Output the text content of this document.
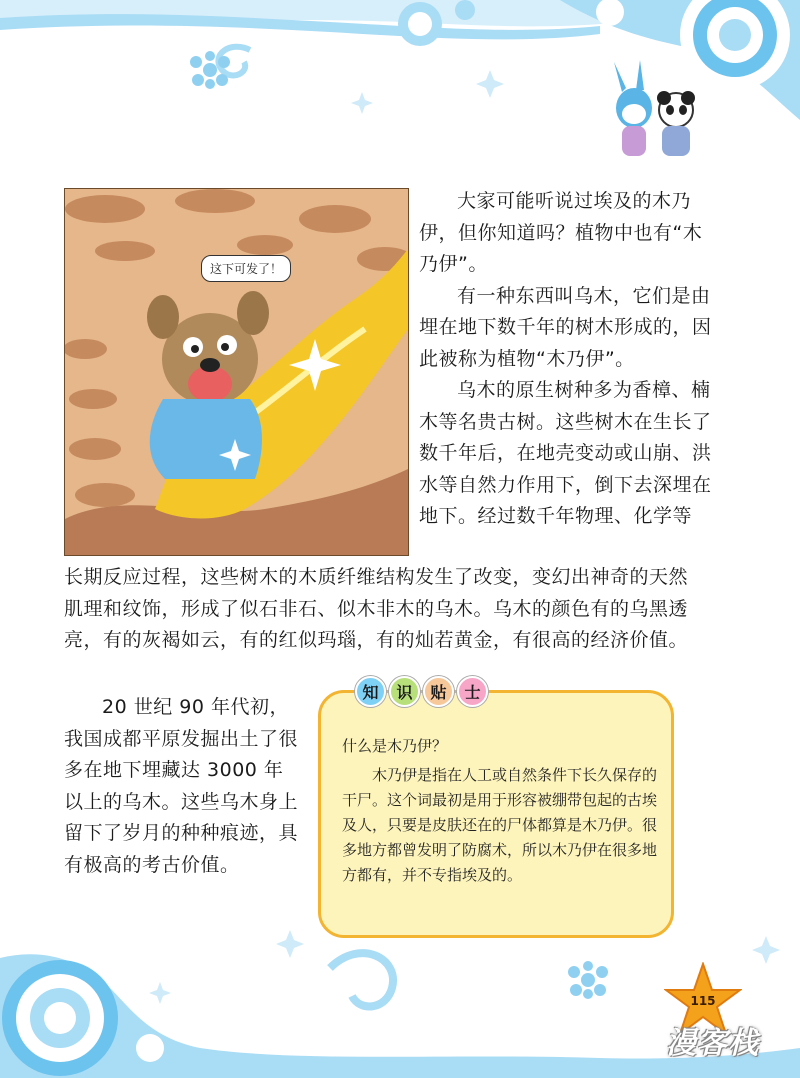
这下可发了！

大家可能听说过埃及的木乃伊，但你知道吗？植物中也有“木乃伊”。

有一种东西叫乌木，它们是由埋在地下数千年的树木形成的，因此被称为植物“木乃伊”。

乌木的原生树种多为香樟、楠木等名贵古树。这些树木在生长了数千年后，在地壳变动或山崩、洪水等自然力作用下，倒下去深埋在地下。经过数千年物理、化学等

长期反应过程，这些树木的木质纤维结构发生了改变，变幻出神奇的天然肌理和纹饰，形成了似石非石、似木非木的乌木。乌木的颜色有的乌黑透亮，有的灰褐如云，有的红似玛瑙，有的灿若黄金，有很高的经济价值。

20 世纪 90 年代初，我国成都平原发掘出土了很多在地下埋藏达 3000 年以上的乌木。这些乌木身上留下了岁月的种种痕迹，具有极高的考古价值。

知	识	贴	士

什么是木乃伊？

木乃伊是指在人工或自然条件下长久保存的干尸。这个词最初是用于形容被绷带包起的古埃及人，只要是皮肤还在的尸体都算是木乃伊。很多地方都曾发明了防腐术，所以木乃伊在很多地方都有，并不专指埃及的。

115
漫客栈
